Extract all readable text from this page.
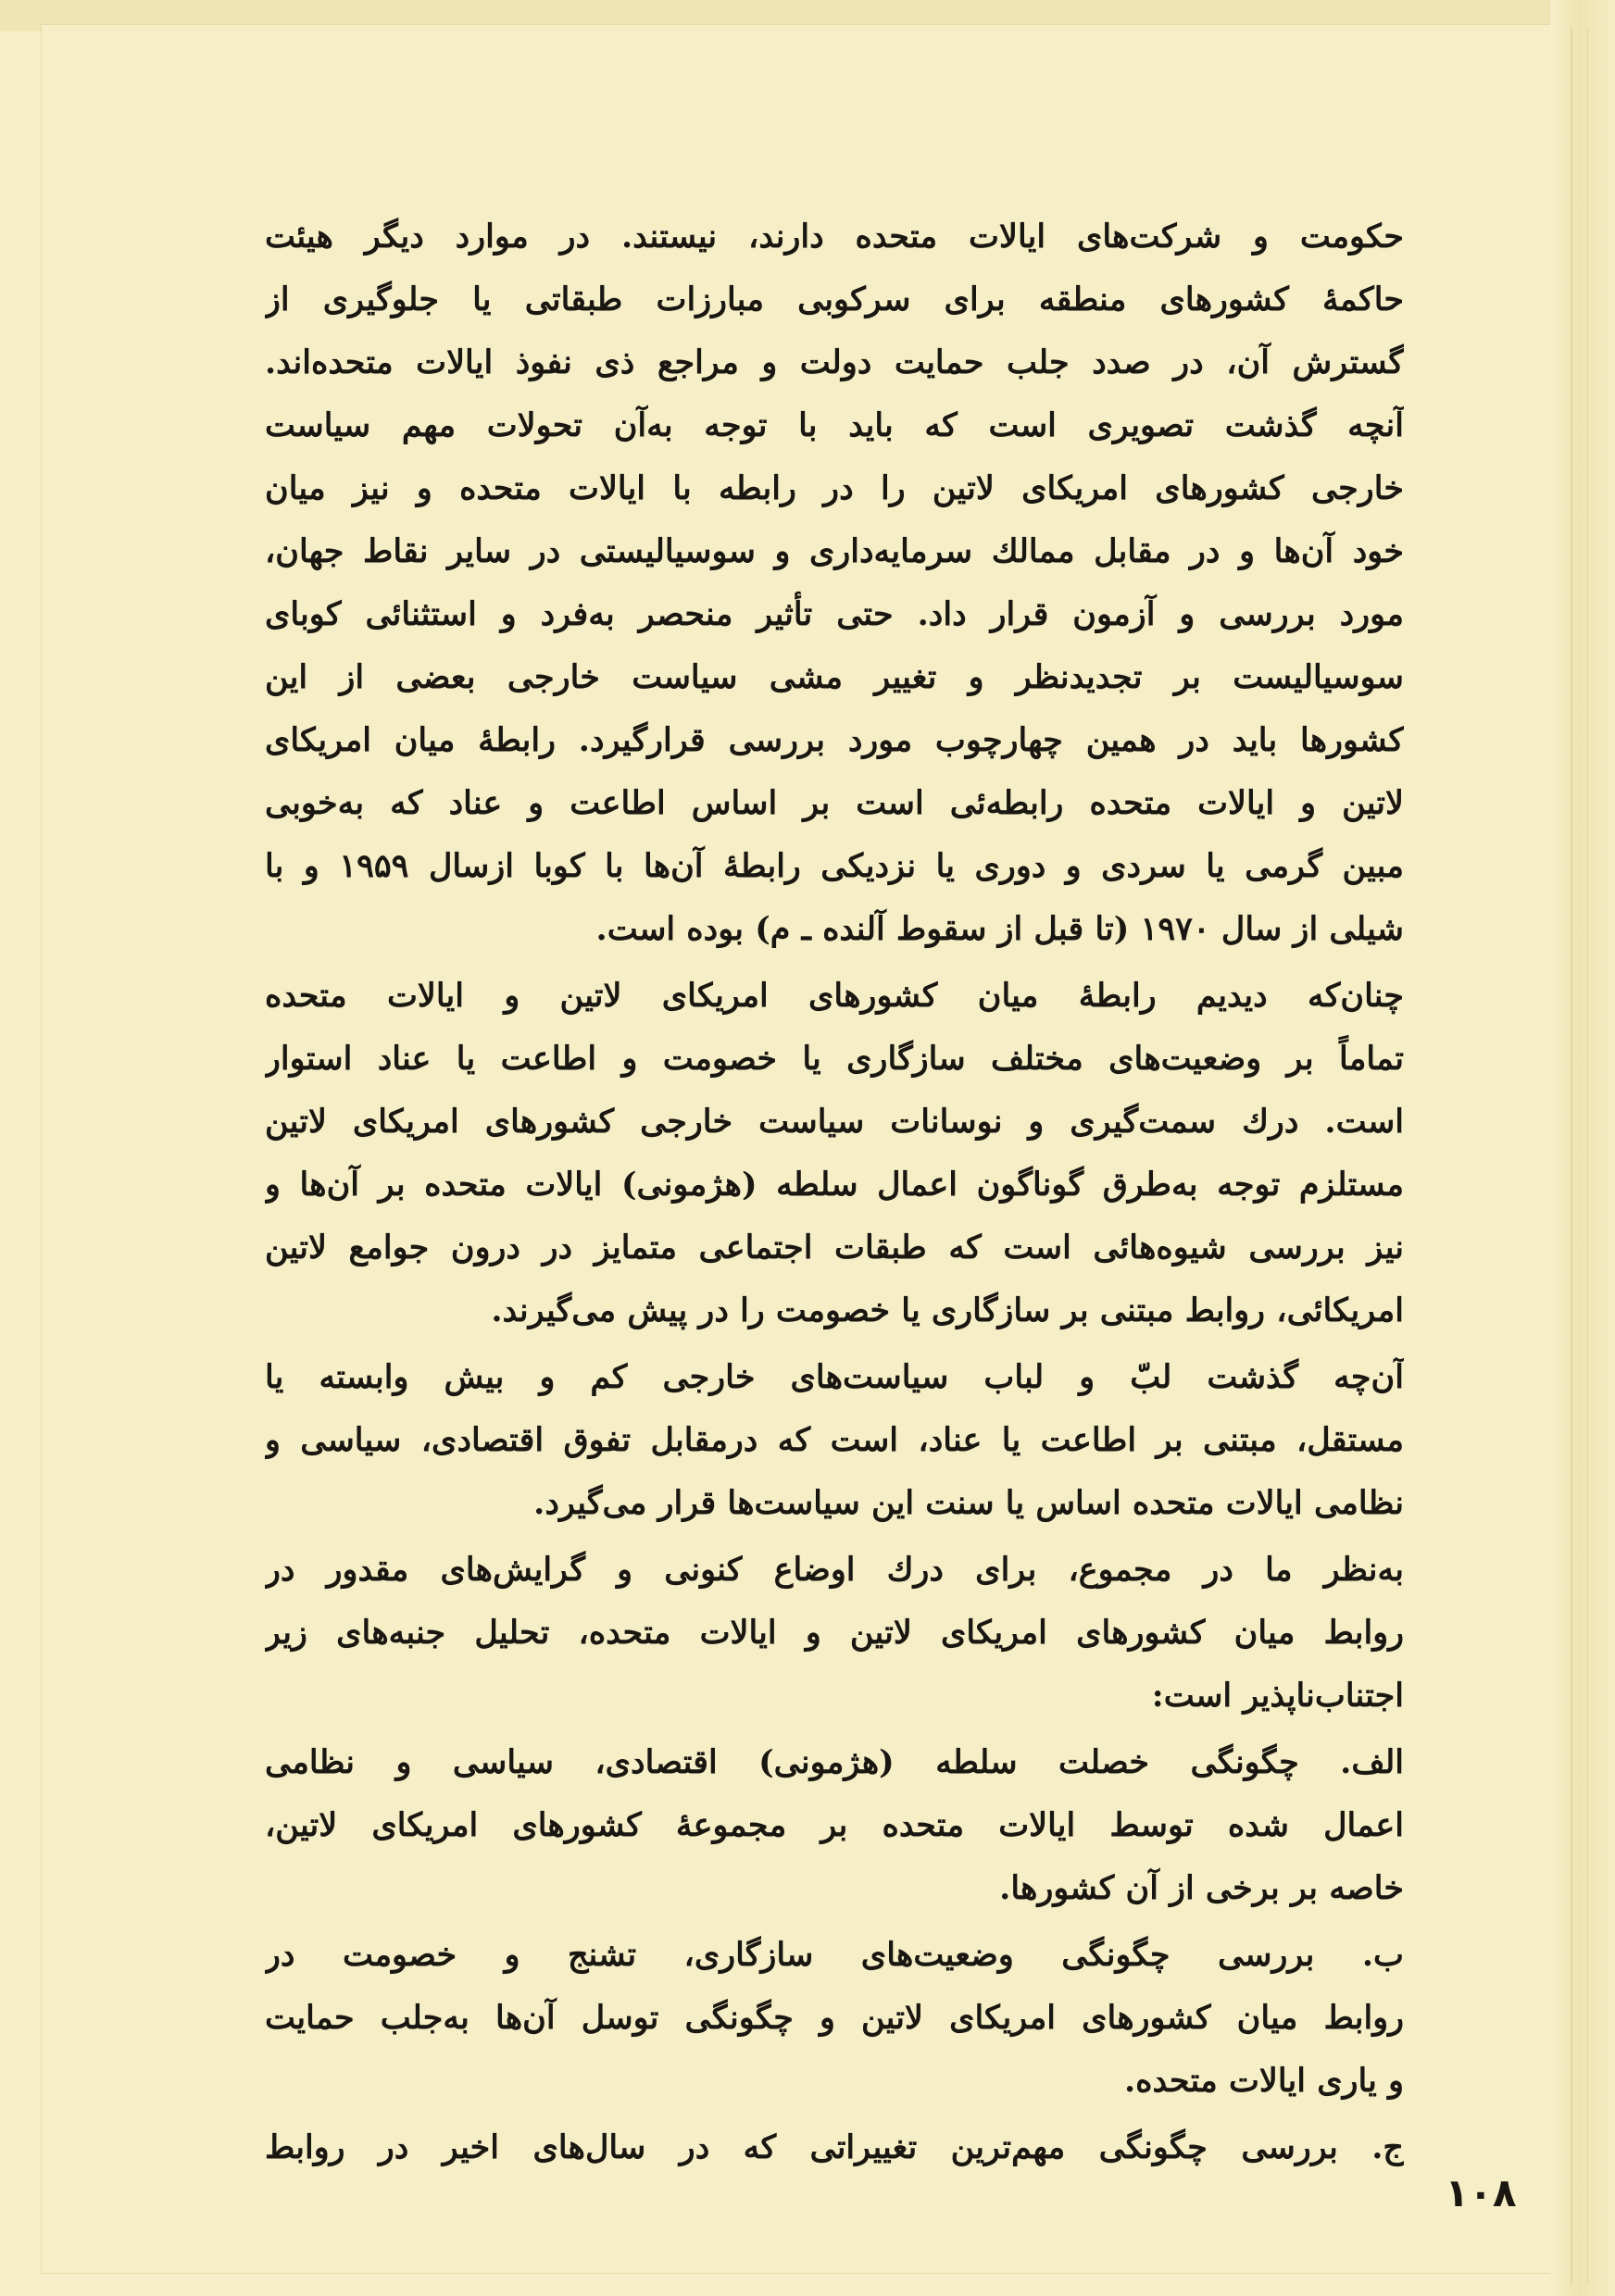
حکومت و شرکت‌های ایالات متحده دارند، نیستند. در موارد دیگر هیئت
حاکمهٔ کشورهای منطقه برای سرکوبی مبارزات طبقاتی یا جلوگیری از
گسترش آن، در صدد جلب حمایت دولت و مراجع ذی نفوذ ایالات متحده‌اند.
آنچه گذشت تصویری است که باید با توجه به‌آن تحولات مهم سیاست
خارجی کشورهای امریکای لاتین را در رابطه با ایالات متحده و نیز میان
خود آن‌ها و در مقابل ممالك سرمایه‌داری و سوسیالیستی در سایر نقاط جهان،
مورد بررسی و آزمون قرار داد. حتی تأثیر منحصر به‌فرد و استثنائی کوبای
سوسیالیست بر تجدیدنظر و تغییر مشی سیاست خارجی بعضی از این
کشورها باید در همین چهارچوب مورد بررسی قرارگیرد. رابطهٔ میان امریکای
لاتین و ایالات متحده رابطه‌ئی است بر اساس اطاعت و عناد که به‌خوبی
مبین گرمی یا سردی و دوری یا نزدیکی رابطهٔ آن‌ها با کوبا ازسال ۱۹۵۹ و با
شیلی از سال ۱۹۷۰ (تا قبل از سقوط آلنده ـ م) بوده است.
چنان‌که دیدیم رابطهٔ میان کشورهای امریکای لاتین و ایالات متحده
تماماً بر وضعیت‌های مختلف سازگاری یا خصومت و اطاعت یا عناد استوار
است. درك سمت‌گیری و نوسانات سیاست خارجی کشورهای امریکای لاتین
مستلزم توجه به‌طرق گوناگون اعمال سلطه (هژمونی) ایالات متحده بر آن‌ها و
نیز بررسی شیوه‌هائی است که طبقات اجتماعی متمایز در درون جوامع لاتین
امریکائی، روابط مبتنی بر سازگاری یا خصومت را در پیش می‌گیرند.
آن‌چه گذشت لبّ و لباب سیاست‌های خارجی کم و بیش وابسته یا
مستقل، مبتنی بر اطاعت یا عناد، است که درمقابل تفوق اقتصادی، سیاسی و
نظامی ایالات متحده اساس یا سنت این سیاست‌ها قرار می‌گیرد.
به‌نظر ما در مجموع، برای درك اوضاع کنونی و گرایش‌های مقدور در
روابط میان کشورهای امریکای لاتین و ایالات متحده، تحلیل جنبه‌های زیر
اجتناب‌ناپذیر است:
الف. چگونگی خصلت سلطه (هژمونی) اقتصادی، سیاسی و نظامی
اعمال شده توسط ایالات متحده بر مجموعهٔ کشورهای امریکای لاتین،
خاصه بر برخی از آن کشورها.
ب. بررسی چگونگی وضعیت‌های سازگاری، تشنج و خصومت در
روابط میان کشورهای امریکای لاتین و چگونگی توسل آن‌ها به‌جلب حمایت
و یاری ایالات متحده.
ج. بررسی چگونگی مهم‌ترین تغییراتی که در سال‌های اخیر در روابط
۱۰۸
